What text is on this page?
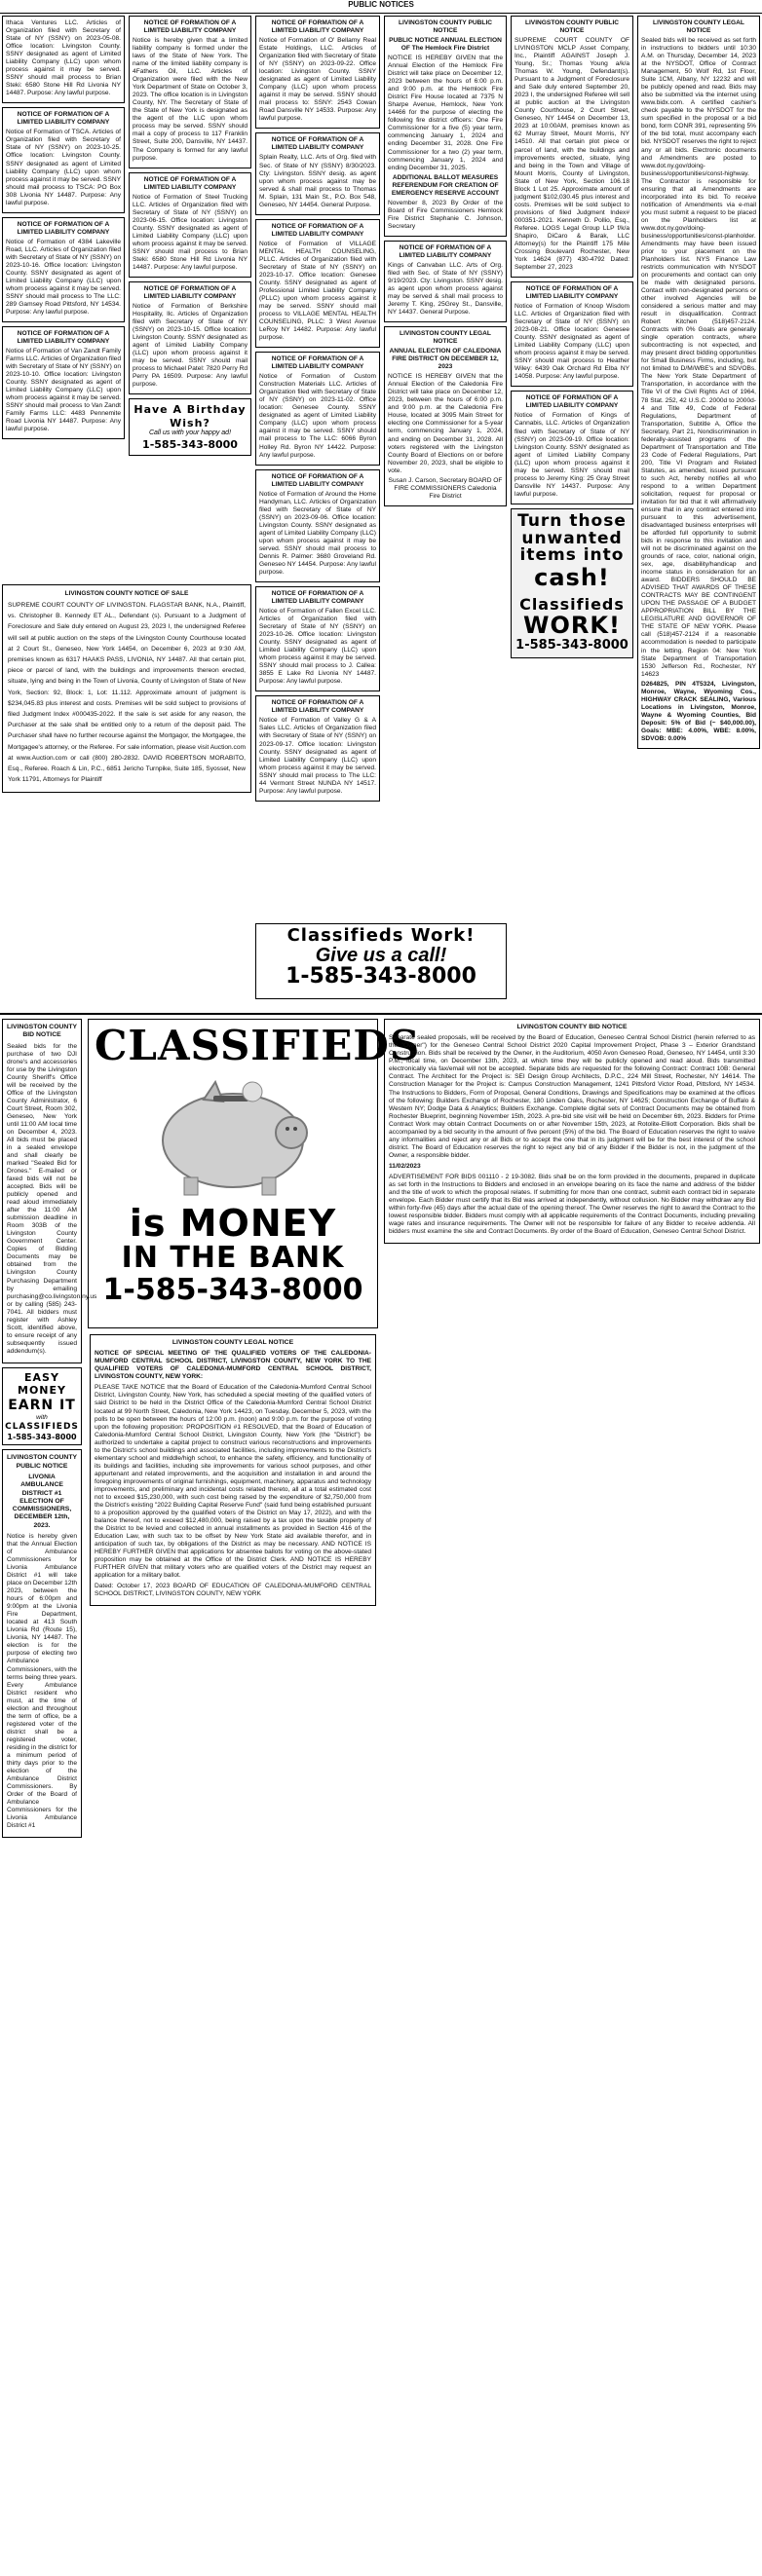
PUBLIC NOTICES

Ithaca Ventures LLC. Articles of Organization filed with Secretary of State of NY (SSNY) on 2023-05-08. Office location: Livingston County. SSNY designated as agent of Limited Liability Company (LLC) upon whom process against it may be served. SSNY should mail process to Brian Steki: 6580 Stone Hill Rd Livonia NY 14487. Purpose: Any lawful purpose.

NOTICE OF FORMATION OF A LIMITED LIABILITY COMPANY

Notice of Formation of TSCA. Articles of Organization filed with Secretary of State of NY (SSNY) on 2023-10-25. Office location: Livingston County. SSNY designated as agent of Limited Liability Company (LLC) upon whom process against it may be served. SSNY should mail process to TSCA: PO Box 308 Livonia NY 14487. Purpose: Any lawful purpose.

NOTICE OF FORMATION OF A LIMITED LIABILITY COMPANY

Notice of Formation of 4384 Lakeville Road, LLC. Articles of Organization filed with Secretary of State of NY (SSNY) on 2023-10-16. Office location: Livingston County. SSNY designated as agent of Limited Liability Company (LLC) upon whom process against it may be served. SSNY should mail process to The LLC: 289 Gamsey Road Pittsford, NY 14534. Purpose: Any lawful purpose.

NOTICE OF FORMATION OF A LIMITED LIABILITY COMPANY

Notice of Formation of Van Zandt Family Farms LLC. Articles of Organization filed with Secretary of State of NY (SSNY) on 2023-10-10. Office location: Livingston County. SSNY designated as agent of Limited Liability Company (LLC) upon whom process against it may be served. SSNY should mail process to Van Zandt Family Farms LLC: 4483 Pennemite Road Livonia NY 14487. Purpose: Any lawful purpose.

NOTICE OF FORMATION OF A LIMITED LIABILITY COMPANY

Notice is hereby given that a limited liability company is formed under the laws of the State of New York. The name of the limited liability company is 4Fathers Oil, LLC. Articles of Organization were filed with the New York Department of State on October 3, 2023. The office location is in Livingston County, NY. The Secretary of State of the State of New York is designated as the agent of the LLC upon whom process may be served. SSNY should mail a copy of process to 117 Franklin Street, Suite 200, Dansville, NY 14437. The Company is formed for any lawful purpose.

NOTICE OF FORMATION OF A LIMITED LIABILITY COMPANY

Notice of Formation of Steel Trucking LLC. Articles of Organization filed with Secretary of State of NY (SSNY) on 2023-06-15. Office location: Livingston County. SSNY designated as agent of Limited Liability Company (LLC) upon whom process against it may be served. SSNY should mail process to Brian Steki: 6580 Stone Hill Rd Livonia NY 14487. Purpose: Any lawful purpose.

NOTICE OF FORMATION OF A LIMITED LIABILITY COMPANY

Notice of Formation of Berkshire Hospitality, llc. Articles of Organization filed with Secretary of State of NY (SSNY) on 2023-10-15. Office location: Livingston County. SSNY designated as agent of Limited Liability Company (LLC) upon whom process against it may be served. SSNY should mail process to Michael Patel: 7820 Perry Rd Perry PA 16509. Purpose: Any lawful purpose.

Have A Birthday Wish?
Call us with your happy ad!
1-585-343-8000
NOTICE OF FORMATION OF A LIMITED LIABILITY COMPANY

Notice of Formation of O' Bellamy Real Estate Holdings, LLC. Articles of Organization filed with Secretary of State of NY (SSNY) on 2023-09-22. Office location: Livingston County. SSNY designated as agent of Limited Liability Company (LLC) upon whom process against it may be served. SSNY should mail process to: SSNY: 2543 Cowan Road Dansville NY 14533. Purpose: Any lawful purpose.

NOTICE OF FORMATION OF A LIMITED LIABILITY COMPANY

Splain Realty, LLC. Arts of Org. filed with Sec. of State of NY (SSNY) 8/30/2023. Cty: Livingston. SSNY desig. as agent upon whom process against may be served & shall mail process to Thomas M. Splain, 131 Main St., P.O. Box 548, Geneseo, NY 14454. General Purpose.

NOTICE OF FORMATION OF A LIMITED LIABILITY COMPANY

Notice of Formation of VILLAGE MENTAL HEALTH COUNSELING, PLLC. Articles of Organization filed with Secretary of State of NY (SSNY) on 2023-10-17. Office location: Genesee County. SSNY designated as agent of Professional Limited Liability Company (PLLC) upon whom process against it may be served. SSNY should mail process to VILLAGE MENTAL HEALTH COUNSELING, PLLC: 3 West Avenue LeRoy NY 14482. Purpose: Any lawful purpose.

NOTICE OF FORMATION OF A LIMITED LIABILITY COMPANY

Notice of Formation of Custom Construction Materials LLC. Articles of Organization filed with Secretary of State of NY (SSNY) on 2023-11-02. Office location: Genesee County. SSNY designated as agent of Limited Liability Company (LLC) upon whom process against it may be served. SSNY should mail process to The LLC: 6066 Byron Holley Rd. Byron NY 14422. Purpose: Any lawful purpose.

NOTICE OF FORMATION OF A LIMITED LIABILITY COMPANY

Notice of Formation of Around the Home Handyman, LLC. Articles of Organization filed with Secretary of State of NY (SSNY) on 2023-09-06. Office location: Livingston County. SSNY designated as agent of Limited Liability Company (LLC) upon whom process against it may be served. SSNY should mail process to Dennis R. Palmer: 3680 Groveland Rd. Geneseo NY 14454. Purpose: Any lawful purpose.

NOTICE OF FORMATION OF A LIMITED LIABILITY COMPANY

Notice of Formation of Fallen Excel LLC. Articles of Organization filed with Secretary of State of NY (SSNY) on 2023-10-26. Office location: Livingston County. SSNY designated as agent of Limited Liability Company (LLC) upon whom process against it may be served. SSNY should mail process to J. Callea: 3855 E Lake Rd Livonia NY 14487. Purpose: Any lawful purpose.

NOTICE OF FORMATION OF A LIMITED LIABILITY COMPANY

Notice of Formation of Valley G & A Sales LLC. Articles of Organization filed with Secretary of State of NY (SSNY) on 2023-09-17. Office location: Livingston County. SSNY designated as agent of Limited Liability Company (LLC) upon whom process against it may be served. SSNY should mail process to The LLC: 44 Vermont Street NUNDA NY 14517. Purpose: Any lawful purpose.

LIVINGSTON COUNTY PUBLIC NOTICE
PUBLIC NOTICE ANNUAL ELECTION OF The Hemlock Fire District

NOTICE IS HEREBY GIVEN that the Annual Election of the Hemlock Fire District will take place on December 12, 2023 between the hours of 6:00 p.m. and 9:00 p.m. at the Hemlock Fire District Fire House located at 7375 N Sharpe Avenue, Hemlock, New York 14466 for the purpose of electing the following fire district officers: One Fire Commissioner for a five (5) year term, commencing January 1, 2024 and ending December 31, 2028. One Fire Commissioner for a two (2) year term, commencing January 1, 2024 and ending December 31, 2025.

ADDITIONAL BALLOT MEASURES REFERENDUM FOR CREATION OF EMERGENCY RESERVE ACCOUNT

November 8, 2023 By Order of the Board of Fire Commissioners Hemlock Fire District Stephanie C. Johnson, Secretary

NOTICE OF FORMATION OF A LIMITED LIABILITY COMPANY

Kings of Canvaban LLC. Arts of Org. filed with Sec. of State of NY (SSNY) 9/19/2023. Cty: Livingston. SSNY desig. as agent upon whom process against may be served & shall mail process to Jeremy T. King, 25Grey St., Dansville, NY 14437. General Purpose.

LIVINGSTON COUNTY LEGAL NOTICE
ANNUAL ELECTION OF CALEDONIA FIRE DISTRICT ON DECEMBER 12, 2023

NOTICE IS HEREBY GIVEN that the Annual Election of the Caledonia Fire District will take place on December 12, 2023, between the hours of 6:00 p.m. and 9:00 p.m. at the Caledonia Fire House, located at 3095 Main Street for electing one Commissioner for a 5-year term, commencing January 1, 2024, and ending on December 31, 2028. All voters registered with the Livingston County Board of Elections on or before November 20, 2023, shall be eligible to vote.

Susan J. Carson, Secretary BOARD OF FIRE COMMISSIONERS Caledonia Fire District

Classifieds Work!
Give us a call!
1-585-343-8000
LIVINGSTON COUNTY PUBLIC NOTICE

SUPREME COURT COUNTY OF LIVINGSTON MCLP Asset Company, Inc., Plaintiff AGAINST Joseph J. Young, Sr.; Thomas Young a/k/a Thomas W. Young, Defendant(s). Pursuant to a Judgment of Foreclosure and Sale duly entered September 20, 2023 I, the undersigned Referee will sell at public auction at the Livingston County Courthouse, 2 Court Street, Geneseo, NY 14454 on December 13, 2023 at 10:00AM, premises known as 62 Murray Street, Mount Morris, NY 14510. All that certain plot piece or parcel of land, with the buildings and improvements erected, situate, lying and being in the Town and Village of Mount Morris, County of Livingston, State of New York, Section 106.18 Block 1 Lot 25. Approximate amount of judgment $102,030.45 plus interest and costs. Premises will be sold subject to provisions of filed Judgment Index# 000351-2021. Kenneth D. Pollio, Esq., Referee. LOGS Legal Group LLP f/k/a Shapiro, DiCaro & Barak, LLC Attorney(s) for the Plaintiff 175 Mile Crossing Boulevard Rochester, New York 14624 (877) 430-4792 Dated: September 27, 2023

NOTICE OF FORMATION OF A LIMITED LIABILITY COMPANY

Notice of Formation of Knoop Wisdom LLC. Articles of Organization filed with Secretary of State of NY (SSNY) on 2023-08-21. Office location: Genesee County. SSNY designated as agent of Limited Liability Company (LLC) upon whom process against it may be served. SSNY should mail process to Heather Wiley: 6439 Oak Orchard Rd Elba NY 14058. Purpose: Any lawful purpose.

NOTICE OF FORMATION OF A LIMITED LIABILITY COMPANY

Notice of Formation of Kings of Cannabis, LLC. Articles of Organization filed with Secretary of State of NY (SSNY) on 2023-09-19. Office location: Livingston County. SSNY designated as agent of Limited Liability Company (LLC) upon whom process against it may be served. SSNY should mail process to Jeremy King: 25 Gray Street Dansville NY 14437. Purpose: Any lawful purpose.

Turn those
unwanted
items into
cash!
Classifieds
WORK!
1-585-343-8000
LIVINGSTON COUNTY LEGAL NOTICE

Sealed bids will be received as set forth in instructions to bidders until 10:30 A.M. on Thursday, December 14, 2023 at the NYSDOT, Office of Contract Management, 50 Wolf Rd, 1st Floor, Suite 1CM, Albany, NY 12232 and will be publicly opened and read. Bids may also be submitted via the internet using www.bidx.com. A certified cashier's check payable to the NYSDOT for the sum specified in the proposal or a bid bond, form CONR 391, representing 5% of the bid total, must accompany each bid. NYSDOT reserves the right to reject any or all bids. Electronic documents and Amendments are posted to www.dot.ny.gov/doing-business/opportunities/const-highway. The Contractor is responsible for ensuring that all Amendments are incorporated into its bid. To receive notification of Amendments via e-mail you must submit a request to be placed on the Planholders list at www.dot.ny.gov/doing-business/opportunities/const-planholder. Amendments may have been issued prior to your placement on the Planholders list. NYS Finance Law restricts communication with NYSDOT on procurements and contact can only be made with designated persons. Contact with non-designated persons or other involved Agencies will be considered a serious matter and may result in disqualification. Contract Robert Kitchen (518)457-2124. Contracts with 0% Goals are generally single operation contracts, where subcontracting is not expected, and may present direct bidding opportunities for Small Business Firms, including, but not limited to D/M/WBE's and SDVOBs. The New York State Department of Transportation, in accordance with the Title VI of the Civil Rights Act of 1964, 78 Stat. 252, 42 U.S.C. 2000d to 2000d-4 and Title 49, Code of Federal Regulations, Department of Transportation, Subtitle A, Office the Secretary, Part 21, Nondiscrimination in federally-assisted programs of the Department of Transportation and Title 23 Code of Federal Regulations, Part 200, Title VI Program and Related Statutes, as amended, issued pursuant to such Act, hereby notifies all who respond to a written Department solicitation, request for proposal or invitation for bid that it will affirmatively ensure that in any contract entered into pursuant to this advertisement, disadvantaged business enterprises will be afforded full opportunity to submit bids in response to this invitation and will not be discriminated against on the grounds of race, color, national origin, sex, age, disability/handicap and income status in consideration for an award. BIDDERS SHOULD BE ADVISED THAT AWARDS OF THESE CONTRACTS MAY BE CONTINGENT UPON THE PASSAGE OF A BUDGET APPROPRIATION BILL BY THE LEGISLATURE AND GOVERNOR OF THE STATE OF NEW YORK. Please call (518)457-2124 if a reasonable accommodation is needed to participate in the letting. Region 04: New York State Department of Transportation 1530 Jefferson Rd., Rochester, NY 14623

D264825, PIN 4T5324, Livingston, Monroe, Wayne, Wyoming Cos., HIGHWAY CRACK SEALING, Various Locations in Livingston, Monroe, Wayne & Wyoming Counties, Bid Deposit: 5% of Bid (~ $40,000.00), Goals: MBE: 4.00%, WBE: 8.00%, SDVOB: 0.00%

LIVINGSTON COUNTY NOTICE OF SALE

SUPREME COURT COUNTY OF LIVINGSTON. FLAGSTAR BANK, N.A., Plaintiff, vs. Christopher B. Kennedy ET AL., Defendant (s). Pursuant to a Judgment of Foreclosure and Sale duly entered on August 23, 2023 I, the undersigned Referee will sell at public auction on the steps of the Livingston County Courthouse located at 2 Court St., Geneseo, New York 14454, on December 6, 2023 at 9:30 AM, premises known as 6317 HAAKS PASS, LIVONIA, NY 14487. All that certain plot, piece or parcel of land, with the buildings and improvements thereon erected, situate, lying and being in the Town of Livonia, County of Livingston of State of New York, Section: 92, Block: 1, Lot: 11.112. Approximate amount of judgment is $234,045.83 plus interest and costs. Premises will be sold subject to provisions of filed Judgment Index #000435-2022. If the sale is set aside for any reason, the Purchaser at the sale shall be entitled only to a return of the deposit paid. The Purchaser shall have no further recourse against the Mortgagor, the Mortgagee, the Mortgagee's attorney, or the Referee. For sale information, please visit Auction.com at www.Auction.com or call (800) 280-2832. DAVID ROBERTSON MORABITO, Esq., Referee. Roach & Lin, P.C., 6851 Jericho Turnpike, Suite 185, Syosset, New York 11791, Attorneys for Plaintiff

LIVINGSTON COUNTY BID NOTICE

Sealed bids for the purchase of two DJI drone's and accessories for use by the Livingston County Sheriff's Office will be received by the Office of the Livingston County Administrator, 6 Court Street, Room 302, Geneseo, New York until 11:00 AM local time on December 4, 2023. All bids must be placed in a sealed envelope and shall clearly be marked "Sealed Bid for Drones." E-mailed or faxed bids will not be accepted. Bids will be publicly opened and read aloud immediately after the 11:00 AM submission deadline in Room 303B of the Livingston County Government Center. Copies of Bidding Documents may be obtained from the Livingston County Purchasing Department by emailing purchasing@co.livingston.ny.us or by calling (585) 243-7041. All bidders must register with Ashley Scott, identified above, to ensure receipt of any subsequently issued addendum(s).

EASY MONEY
EARN IT
with
CLASSIFIEDS
1-585-343-8000
LIVINGSTON COUNTY PUBLIC NOTICE
LIVONIA AMBULANCE DISTRICT #1 ELECTION OF COMMISSIONERS, DECEMBER 12th, 2023.

Notice is hereby given that the Annual Election of Ambulance Commissioners for Livonia Ambulance District #1 will take place on December 12th 2023, between the hours of 6:00pm and 9:00pm at the Livonia Fire Department, located at 413 South Livonia Rd (Route 15), Livonia, NY 14487. The election is for the purpose of electing two Ambulance Commissioners, with the terms being three years. Every Ambulance District resident who must, at the time of election and throughout the term of office, be a registered voter of the district shall be a registered voter, residing in the district for a minimum period of thirty days prior to the election of the Ambulance District Commissioners. By Order of the Board of Ambulance Commissioners for the Livonia Ambulance District #1

CLASSIFIEDS
is MONEY
IN THE BANK
1-585-343-8000
LIVINGSTON COUNTY LEGAL NOTICE

NOTICE OF SPECIAL MEETING OF THE QUALIFIED VOTERS OF THE CALEDONIA-MUMFORD CENTRAL SCHOOL DISTRICT, LIVINGSTON COUNTY, NEW YORK TO THE QUALIFIED VOTERS OF CALEDONIA-MUMFORD CENTRAL SCHOOL DISTRICT, LIVINGSTON COUNTY, NEW YORK:

PLEASE TAKE NOTICE that the Board of Education of the Caledonia-Mumford Central School District, Livingston County, New York, has scheduled a special meeting of the qualified voters of said District to be held in the District Office of the Caledonia-Mumford Central School District located at 99 North Street, Caledonia, New York 14423, on Tuesday, December 5, 2023, with the polls to be open between the hours of 12:00 p.m. (noon) and 9:00 p.m. for the purpose of voting upon the following proposition: PROPOSITION #1 RESOLVED, that the Board of Education of Caledonia-Mumford Central School District, Livingston County, New York (the "District") be authorized to undertake a capital project to construct various reconstructions and improvements to the District's school buildings and associated facilities, including improvements to the District's elementary school and middle/high school, to enhance the safety, efficiency, and functionality of its buildings and facilities, including site improvements for various school purposes, and other appurtenant and related improvements, and the acquisition and installation in and around the foregoing improvements of original furnishings, equipment, machinery, apparatus and technology improvements, and preliminary and incidental costs related thereto, all at a total estimated cost not to exceed $15,230,000, with such cost being raised by the expenditure of $2,750,000 from the District's existing "2022 Building Capital Reserve Fund" (said fund being established pursuant to a proposition approved by the qualified voters of the District on May 17, 2022), and with the balance thereof, not to exceed $12,480,000, being raised by a tax upon the taxable property of the District to be levied and collected in annual installments as provided in Section 416 of the Education Law, with such tax to be offset by New York State aid available therefor, and in anticipation of such tax, by obligations of the District as may be necessary. AND NOTICE IS HEREBY FURTHER GIVEN that applications for absentee ballots for voting on the above-stated proposition may be obtained at the Office of the District Clerk. AND NOTICE IS HEREBY FURTHER GIVEN that military voters who are qualified voters of the District may request an application for a military ballot.

Dated: October 17, 2023 BOARD OF EDUCATION OF CALEDONIA-MUMFORD CENTRAL SCHOOL DISTRICT, LIVINGSTON COUNTY, NEW YORK

LIVINGSTON COUNTY BID NOTICE

Separate sealed proposals, will be received by the Board of Education, Geneseo Central School District (herein referred to as the "Owner") for the Geneseo Central School District 2020 Capital Improvement Project, Phase 3 – Exterior Grandstand Construction. Bids shall be received by the Owner, in the Auditorium, 4050 Avon Geneseo Road, Geneseo, NY 14454, until 3:30 P.M., local time, on December 13th, 2023, at which time they will be publicly opened and read aloud. Bids transmitted electronically via fax/email will not be accepted. Separate bids are requested for the following Contract: Contract 10B: General Contract. The Architect for the Project is: SEI Design Group Architects, D.P.C., 224 Mill Street, Rochester, NY 14614. The Construction Manager for the Project is: Campus Construction Management, 1241 Pittsford Victor Road, Pittsford, NY 14534. The Instructions to Bidders, Form of Proposal, General Conditions, Drawings and Specifications may be examined at the offices of the following: Builders Exchange of Rochester, 180 Linden Oaks, Rochester, NY 14625; Construction Exchange of Buffalo & Western NY; Dodge Data & Analytics; Builders Exchange. Complete digital sets of Contract Documents may be obtained from Rochester Blueprint, beginning November 15th, 2023. A pre-bid site visit will be held on December 6th, 2023. Bidders for Prime Contract Work may obtain Contract Documents on or after November 15th, 2023, at Rotolite-Elliott Corporation. Bids shall be accompanied by a bid security in the amount of five percent (5%) of the bid. The Board of Education reserves the right to waive any informalities and reject any or all Bids or to accept the one that in its judgment will be for the best interest of the school district. The Board of Education reserves the right to reject any bid of any Bidder if the Bidder is not, in the judgment of the Owner, a responsible bidder.

11/02/2023

ADVERTISEMENT FOR BIDS 001110 - 2 19-3082. Bids shall be on the form provided in the documents, prepared in duplicate as set forth in the Instructions to Bidders and enclosed in an envelope bearing on its face the name and address of the bidder and the title of work to which the proposal relates. If submitting for more than one contract, submit each contract bid in separate envelope. Each Bidder must certify that its Bid was arrived at independently, without collusion. No Bidder may withdraw any Bid within forty-five (45) days after the actual date of the opening thereof. The Owner reserves the right to award the Contract to the lowest responsible bidder. Bidders must comply with all applicable requirements of the Contract Documents, including prevailing wage rates and insurance requirements. The Owner will not be responsible for failure of any Bidder to receive addenda. All bidders must examine the site and Contract Documents. By order of the Board of Education, Geneseo Central School District.
